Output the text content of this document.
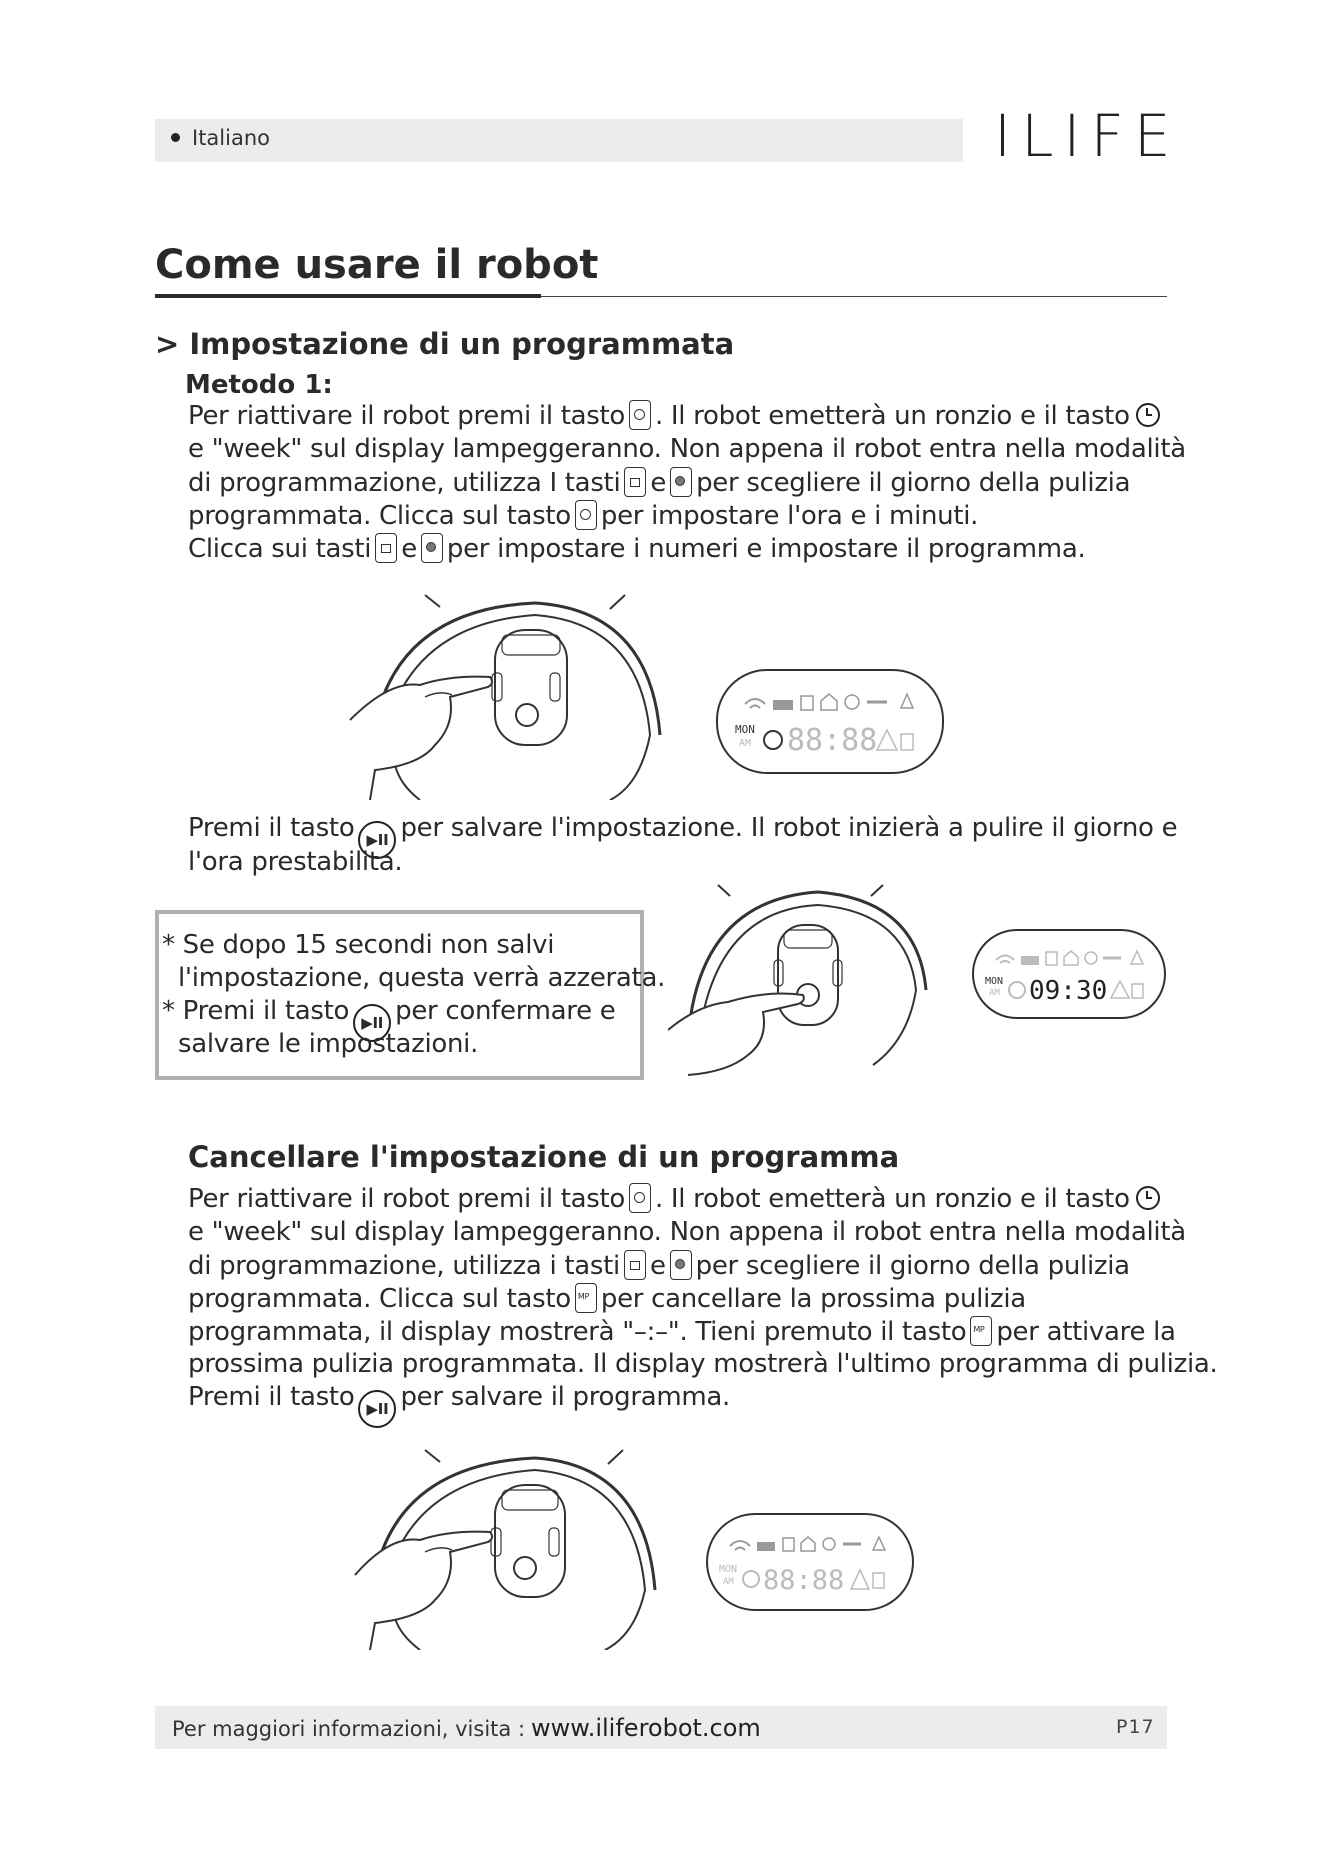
Italiano	ILIFE
Come usare il robot
> Impostazione di un programmata
Metodo 1:
Per riattivare il robot premi il tasto . Il robot emetterà un ronzio e il tasto
e "week" sul display lampeggeranno. Non appena il robot entra nella modalità
di programmazione, utilizza I tasti e per scegliere il giorno della pulizia
programmata. Clicca sul tasto per impostare l'ora e i minuti.
Clicca sui tasti e per impostare i numeri e impostare il programma.
MON
AM 88:88
Premi il tasto ▶II per salvare l'impostazione. Il robot inizierà a pulire il giorno e
l'ora prestabilita.
* Se dopo 15 secondi non salvi
l'impostazione, questa verrà azzerata.
* Premi il tasto ▶II per confermare e
salvare le impostazioni.
MON
AM 09:30
Cancellare l'impostazione di un programma
Per riattivare il robot premi il tasto . Il robot emetterà un ronzio e il tasto
e "week" sul display lampeggeranno. Non appena il robot entra nella modalità
di programmazione, utilizza i tasti e per scegliere il giorno della pulizia
programmata. Clicca sul tasto MP per cancellare la prossima pulizia
programmata, il display mostrerà "–:–". Tieni premuto il tasto MP per attivare la
prossima pulizia programmata. Il display mostrerà l'ultimo programma di pulizia.
Premi il tasto ▶II per salvare il programma.
MON
AM 88:88
Per maggiori informazioni, visita : www.iliferobot.com	P17
